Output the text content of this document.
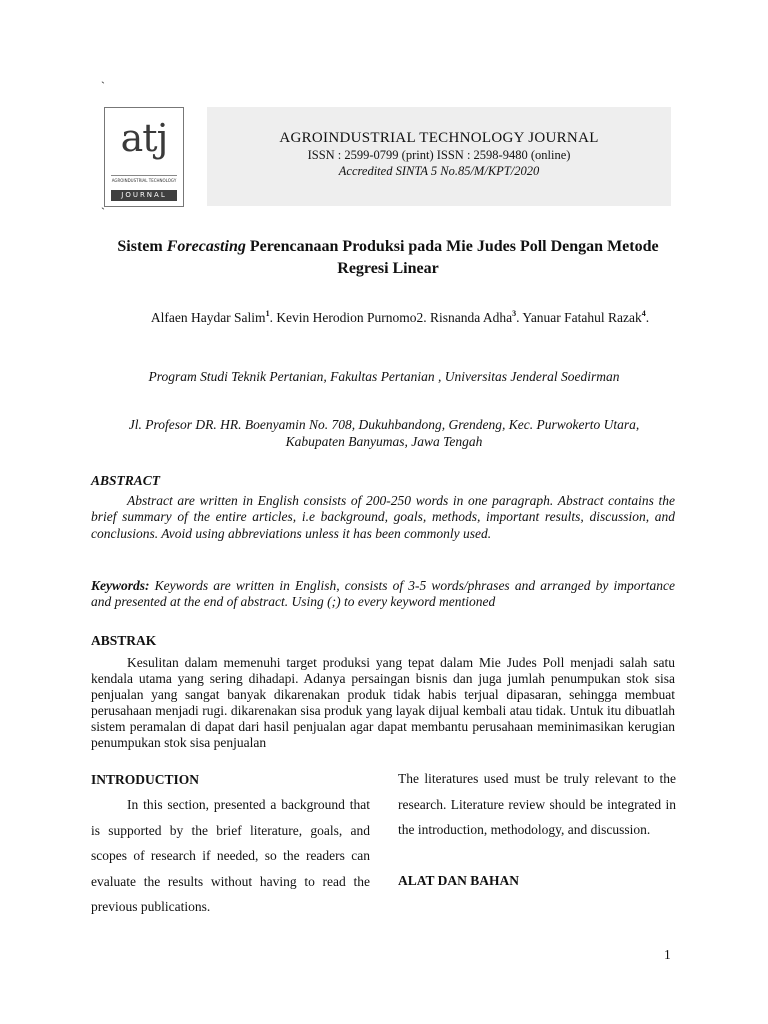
`
atj
AGROINDUSTRIAL TECHNOLOGY
JOURNAL
`
AGROINDUSTRIAL TECHNOLOGY JOURNAL
ISSN : 2599-0799 (print) ISSN : 2598-9480 (online)
Accredited SINTA 5 No.85/M/KPT/2020
Sistem Forecasting Perencanaan Produksi pada Mie Judes Poll Dengan Metode Regresi Linear
Alfaen Haydar Salim$^1$. Kevin Herodion Purnomo2. Risnanda Adha$^3$. Yanuar Fatahul Razak$^4$.
Program Studi Teknik Pertanian, Fakultas Pertanian , Universitas Jenderal Soedirman
Jl. Profesor DR. HR. Boenyamin No. 708, Dukuhbandong, Grendeng, Kec. Purwokerto Utara, Kabupaten Banyumas, Jawa Tengah
ABSTRACT
Abstract are written in English consists of 200-250 words in one paragraph. Abstract contains the brief summary of the entire articles, i.e background, goals, methods, important results, discussion, and conclusions. Avoid using abbreviations unless it has been commonly used.
Keywords: Keywords are written in English, consists of 3-5 words/phrases and arranged by importance and presented at the end of abstract. Using (;) to every keyword mentioned
ABSTRAK
Kesulitan dalam memenuhi target produksi yang tepat dalam Mie Judes Poll menjadi salah satu kendala utama yang sering dihadapi. Adanya persaingan bisnis dan juga jumlah penumpukan stok sisa penjualan yang sangat banyak dikarenakan produk tidak habis terjual dipasaran, sehingga membuat perusahaan menjadi rugi. dikarenakan sisa produk yang layak dijual kembali atau tidak. Untuk itu dibuatlah sistem peramalan di dapat dari hasil penjualan agar dapat membantu perusahaan meminimasikan kerugian penumpukan stok sisa penjualan
INTRODUCTION
In this section, presented a background that is supported by the brief literature, goals, and scopes of research if needed, so the readers can evaluate the results without having to read the previous publications.
The literatures used must be truly relevant to the research. Literature review should be integrated in the introduction, methodology, and discussion.
ALAT DAN BAHAN
1
